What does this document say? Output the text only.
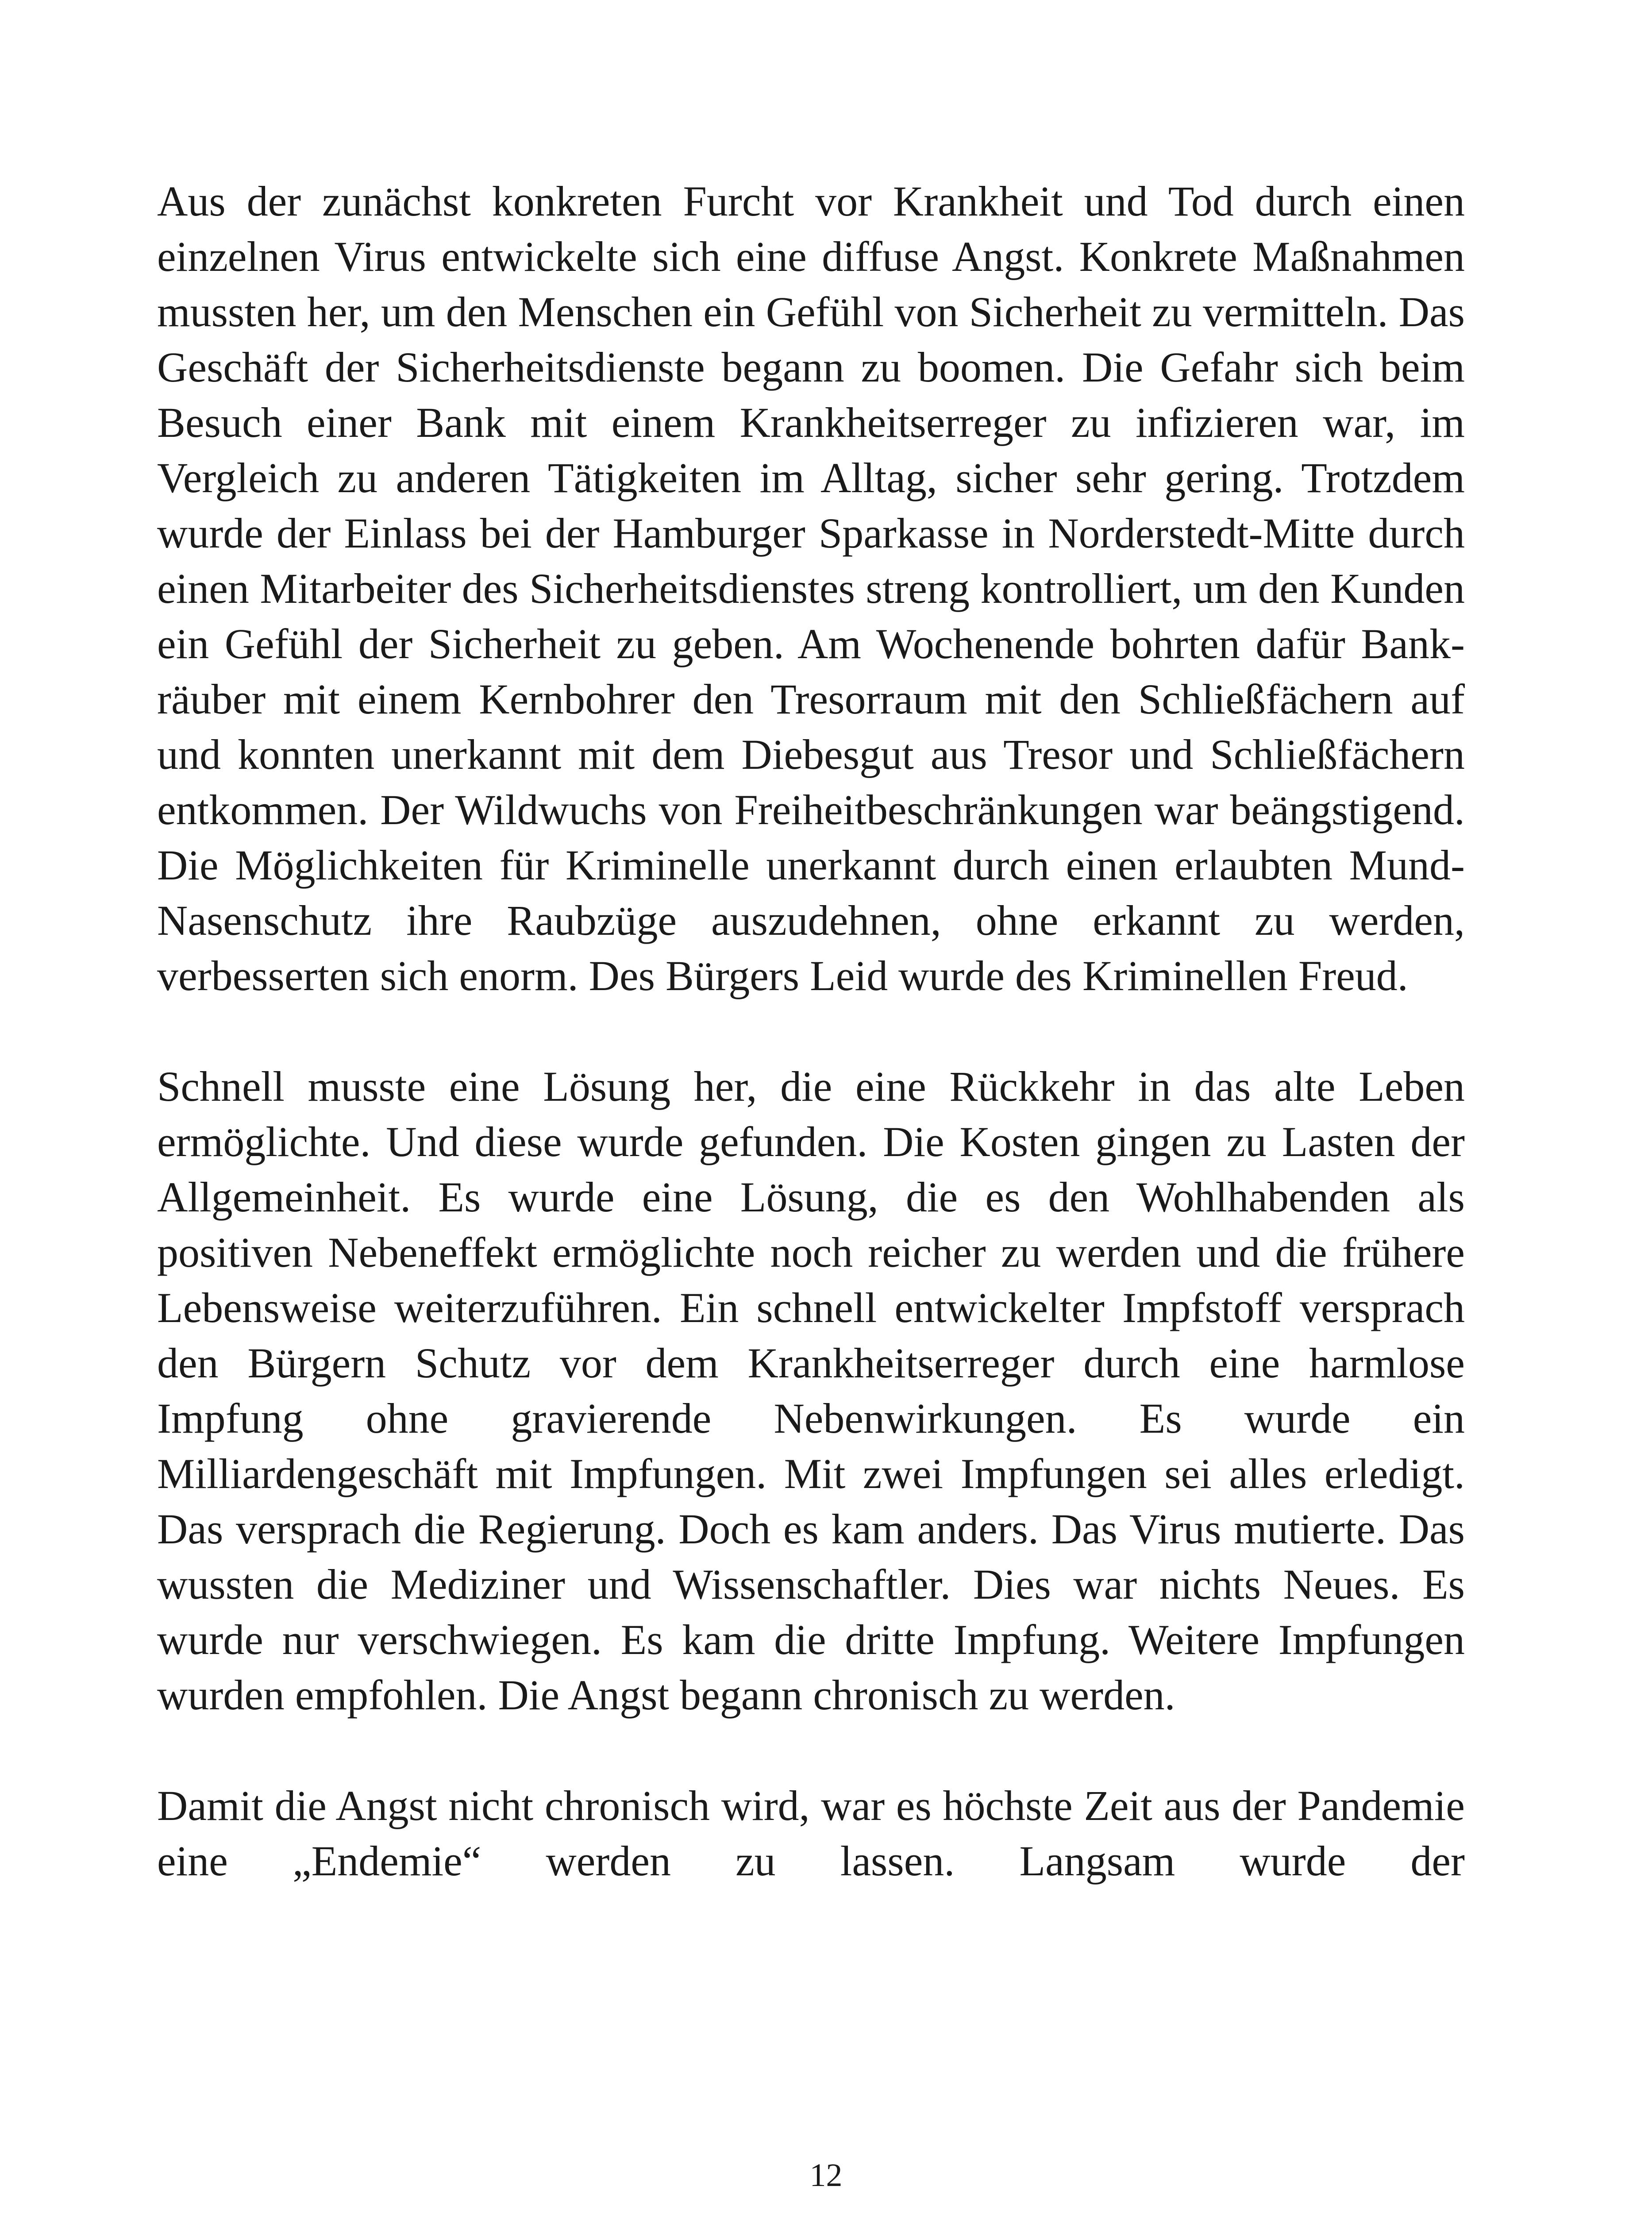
Aus der zunächst konkreten Furcht vor Krankheit und Tod durch einen einzelnen Virus entwickelte sich eine diffuse Angst. Konkrete Maßnahmen mussten her, um den Menschen ein Gefühl von Sicherheit zu vermitteln. Das Geschäft der Sicherheitsdienste begann zu boomen. Die Gefahr sich beim Besuch einer Bank mit einem Krankheitserreger zu infizieren war, im Vergleich zu anderen Tätigkeiten im Alltag, sicher sehr gering. Trotzdem wurde der Einlass bei der Hamburger Sparkasse in Norderstedt-Mitte durch einen Mitarbeiter des Sicherheitsdienstes streng kontrolliert, um den Kunden ein Gefühl der Sicherheit zu geben. Am Wochenende bohrten dafür Bankräuber mit einem Kernbohrer den Tresorraum mit den Schließfächern auf und konnten unerkannt mit dem Diebesgut aus Tresor und Schließfächern entkommen. Der Wildwuchs von Freiheitbeschränkungen war beängstigend. Die Möglichkeiten für Kriminelle unerkannt durch einen erlaubten Mund-Nasenschutz ihre Raubzüge auszudehnen, ohne erkannt zu werden, verbesserten sich enorm. Des Bürgers Leid wurde des Kriminellen Freud.

Schnell musste eine Lösung her, die eine Rückkehr in das alte Leben ermöglichte. Und diese wurde gefunden. Die Kosten gingen zu Lasten der Allgemeinheit. Es wurde eine Lösung, die es den Wohlhabenden als positiven Nebeneffekt ermöglichte noch reicher zu werden und die frühere Lebensweise weiterzuführen. Ein schnell entwickelter Impfstoff versprach den Bürgern Schutz vor dem Krankheitserreger durch eine harmlose Impfung ohne gravierende Nebenwirkungen. Es wurde ein Milliardengeschäft mit Impfungen. Mit zwei Impfungen sei alles erledigt. Das versprach die Regierung. Doch es kam anders. Das Virus mutierte. Das wussten die Mediziner und Wissenschaftler. Dies war nichts Neues. Es wurde nur verschwiegen. Es kam die dritte Impfung. Weitere Impfungen wurden empfohlen. Die Angst begann chronisch zu werden.

Damit die Angst nicht chronisch wird, war es höchste Zeit aus der Pandemie eine „Endemie“ werden zu lassen. Langsam wurde der

12
